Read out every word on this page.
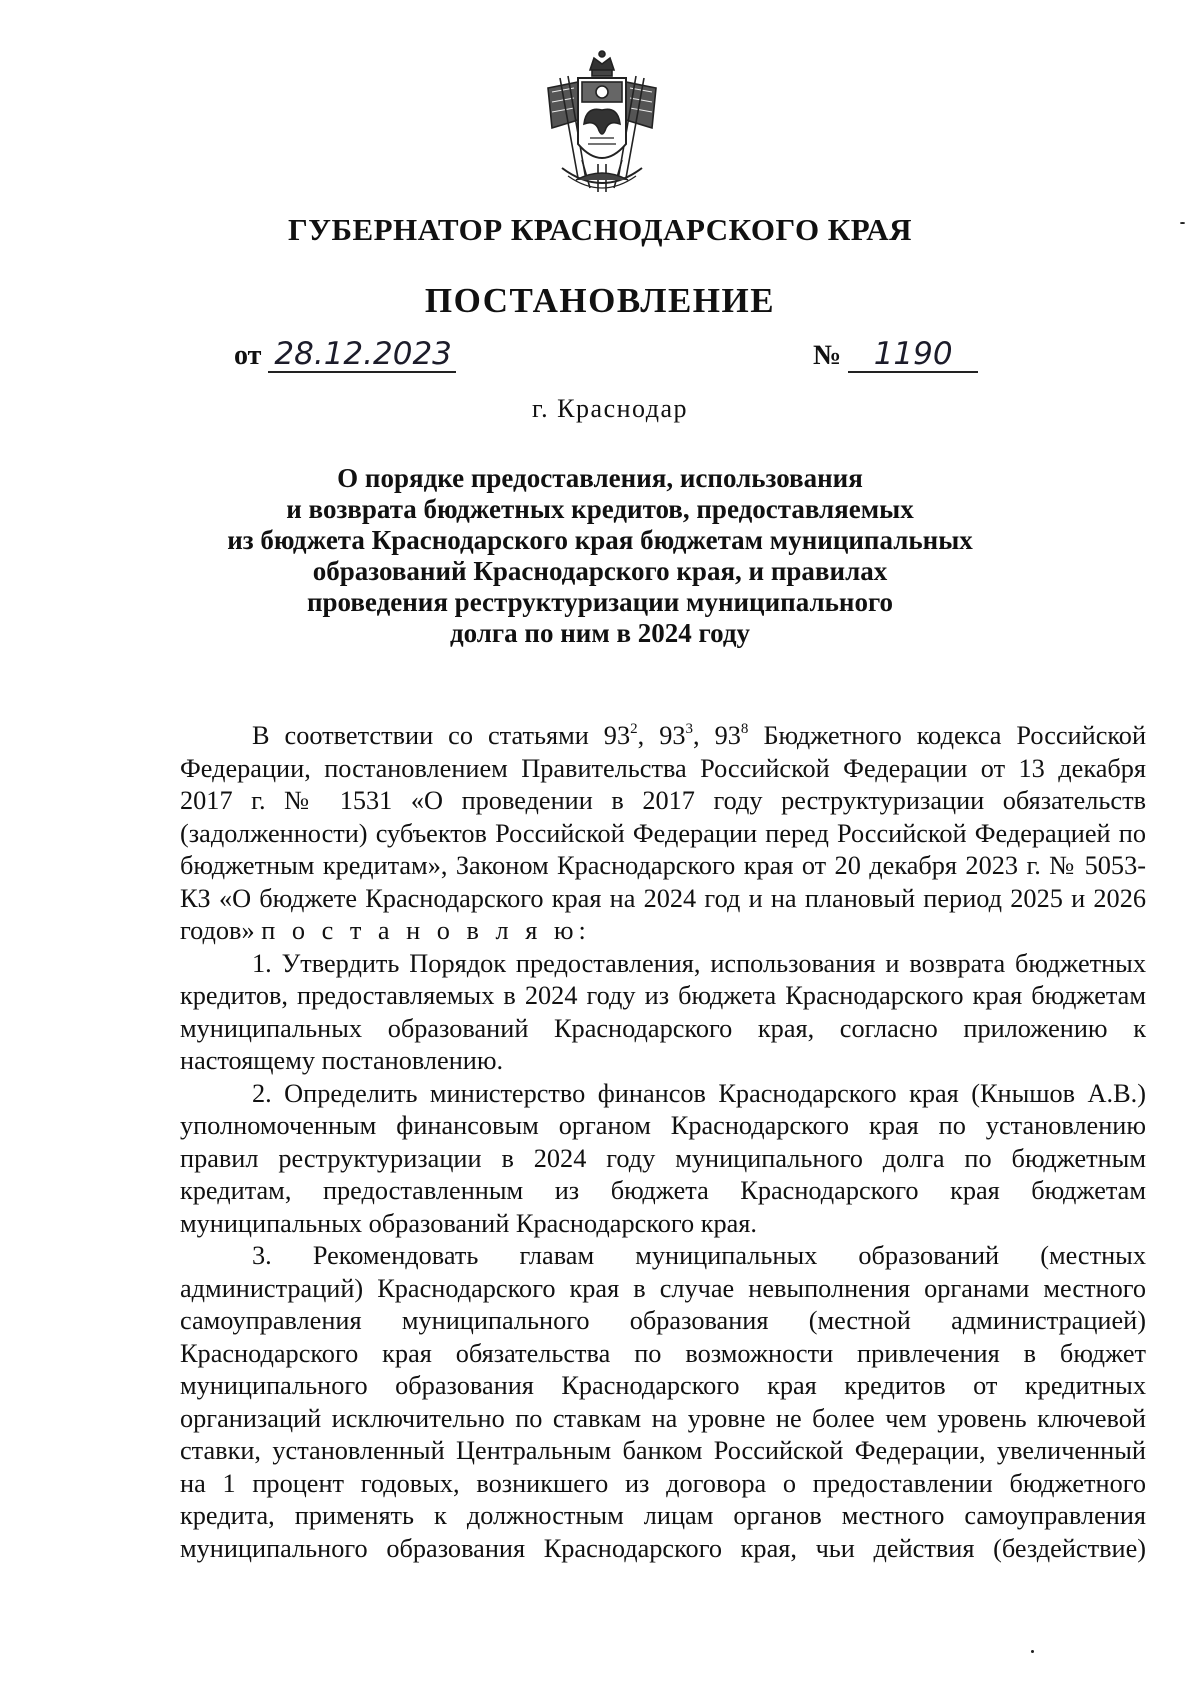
ГУБЕРНАТОР КРАСНОДАРСКОГО КРАЯ
ПОСТАНОВЛЕНИЕ
от 28.12.2023	№ 1190
г. Краснодар
О порядке предоставления, использования
и возврата бюджетных кредитов, предоставляемых
из бюджета Краснодарского края бюджетам муниципальных
образований Краснодарского края, и правилах
проведения реструктуризации муниципального
долга по ним в 2024 году

В соответствии со статьями $93^2$, $93^3$, $93^8$ Бюджетного кодекса Российской Федерации, постановлением Правительства Российской Федерации от 13 декабря 2017 г. № 1531 «О проведении в 2017 году реструктуризации обязательств (задолженности) субъектов Российской Федерации перед Российской Федерацией по бюджетным кредитам», Законом Краснодарского края от 20 декабря 2023 г. № 5053-КЗ «О бюджете Краснодарского края на 2024 год и на плановый период 2025 и 2026 годов» п о с т а н о в л я ю:

1. Утвердить Порядок предоставления, использования и возврата бюджетных кредитов, предоставляемых в 2024 году из бюджета Краснодарского края бюджетам муниципальных образований Краснодарского края, согласно приложению к настоящему постановлению.

2. Определить министерство финансов Краснодарского края (Кнышов А.В.) уполномоченным финансовым органом Краснодарского края по установлению правил реструктуризации в 2024 году муниципального долга по бюджетным кредитам, предоставленным из бюджета Краснодарского края бюджетам муниципальных образований Краснодарского края.

3. Рекомендовать главам муниципальных образований (местных администраций) Краснодарского края в случае невыполнения органами местного самоуправления муниципального образования (местной администрацией) Краснодарского края обязательства по возможности привлечения в бюджет муниципального образования Краснодарского края кредитов от кредитных организаций исключительно по ставкам на уровне не более чем уровень ключевой ставки, установленный Центральным банком Российской Федерации, увеличенный на 1 процент годовых, возникшего из договора о предоставлении бюджетного кредита, применять к должностным лицам органов местного самоуправления муниципального образования Краснодарского края, чьи действия (бездействие)
